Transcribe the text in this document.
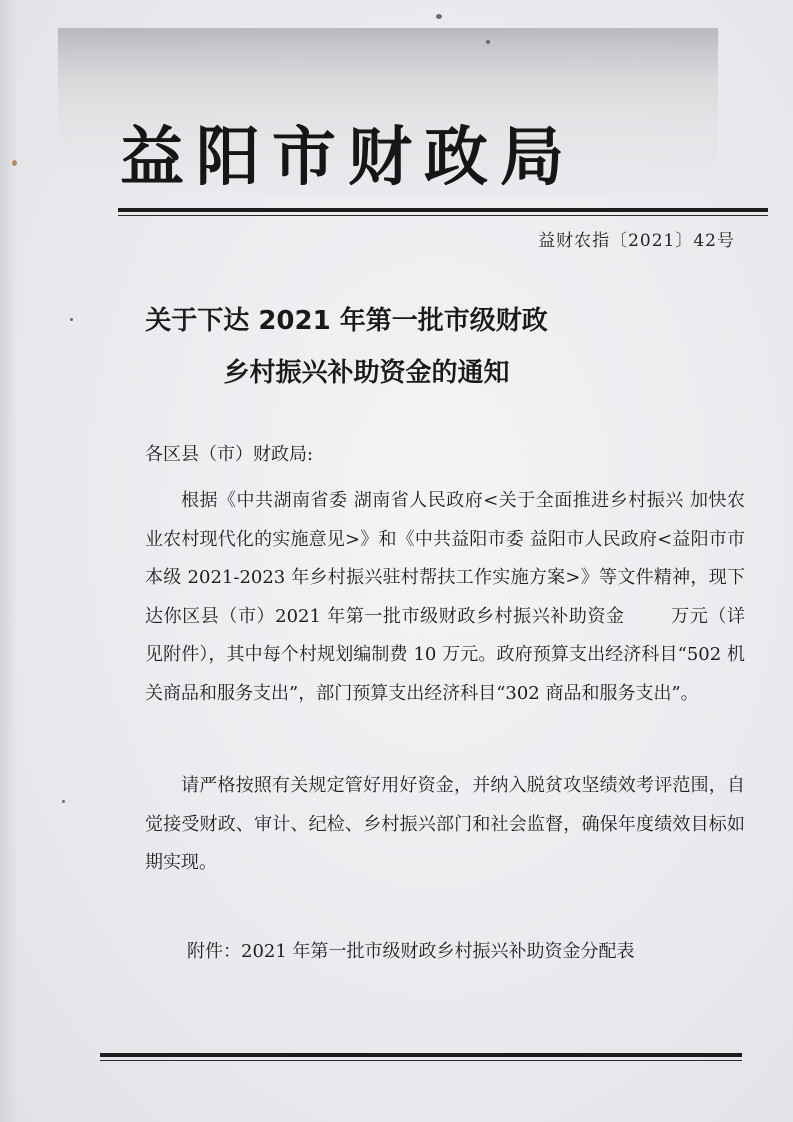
益阳市财政局
益财农指〔2021〕42号
关于下达 2021 年第一批市级财政
乡村振兴补助资金的通知
各区县（市）财政局:
根据《中共湖南省委 湖南省人民政府<关于全面推进乡村振兴 加快农业农村现代化的实施意见>》和《中共益阳市委 益阳市人民政府<益阳市市本级 2021-2023 年乡村振兴驻村帮扶工作实施方案>》等文件精神，现下达你区县（市）2021 年第一批市级财政乡村振兴补助资金	万元（详见附件），其中每个村规划编制费 10 万元。政府预算支出经济科目“502 机关商品和服务支出”，部门预算支出经济科目“302 商品和服务支出”。
请严格按照有关规定管好用好资金，并纳入脱贫攻坚绩效考评范围，自觉接受财政、审计、纪检、乡村振兴部门和社会监督，确保年度绩效目标如期实现。
附件：2021 年第一批市级财政乡村振兴补助资金分配表
